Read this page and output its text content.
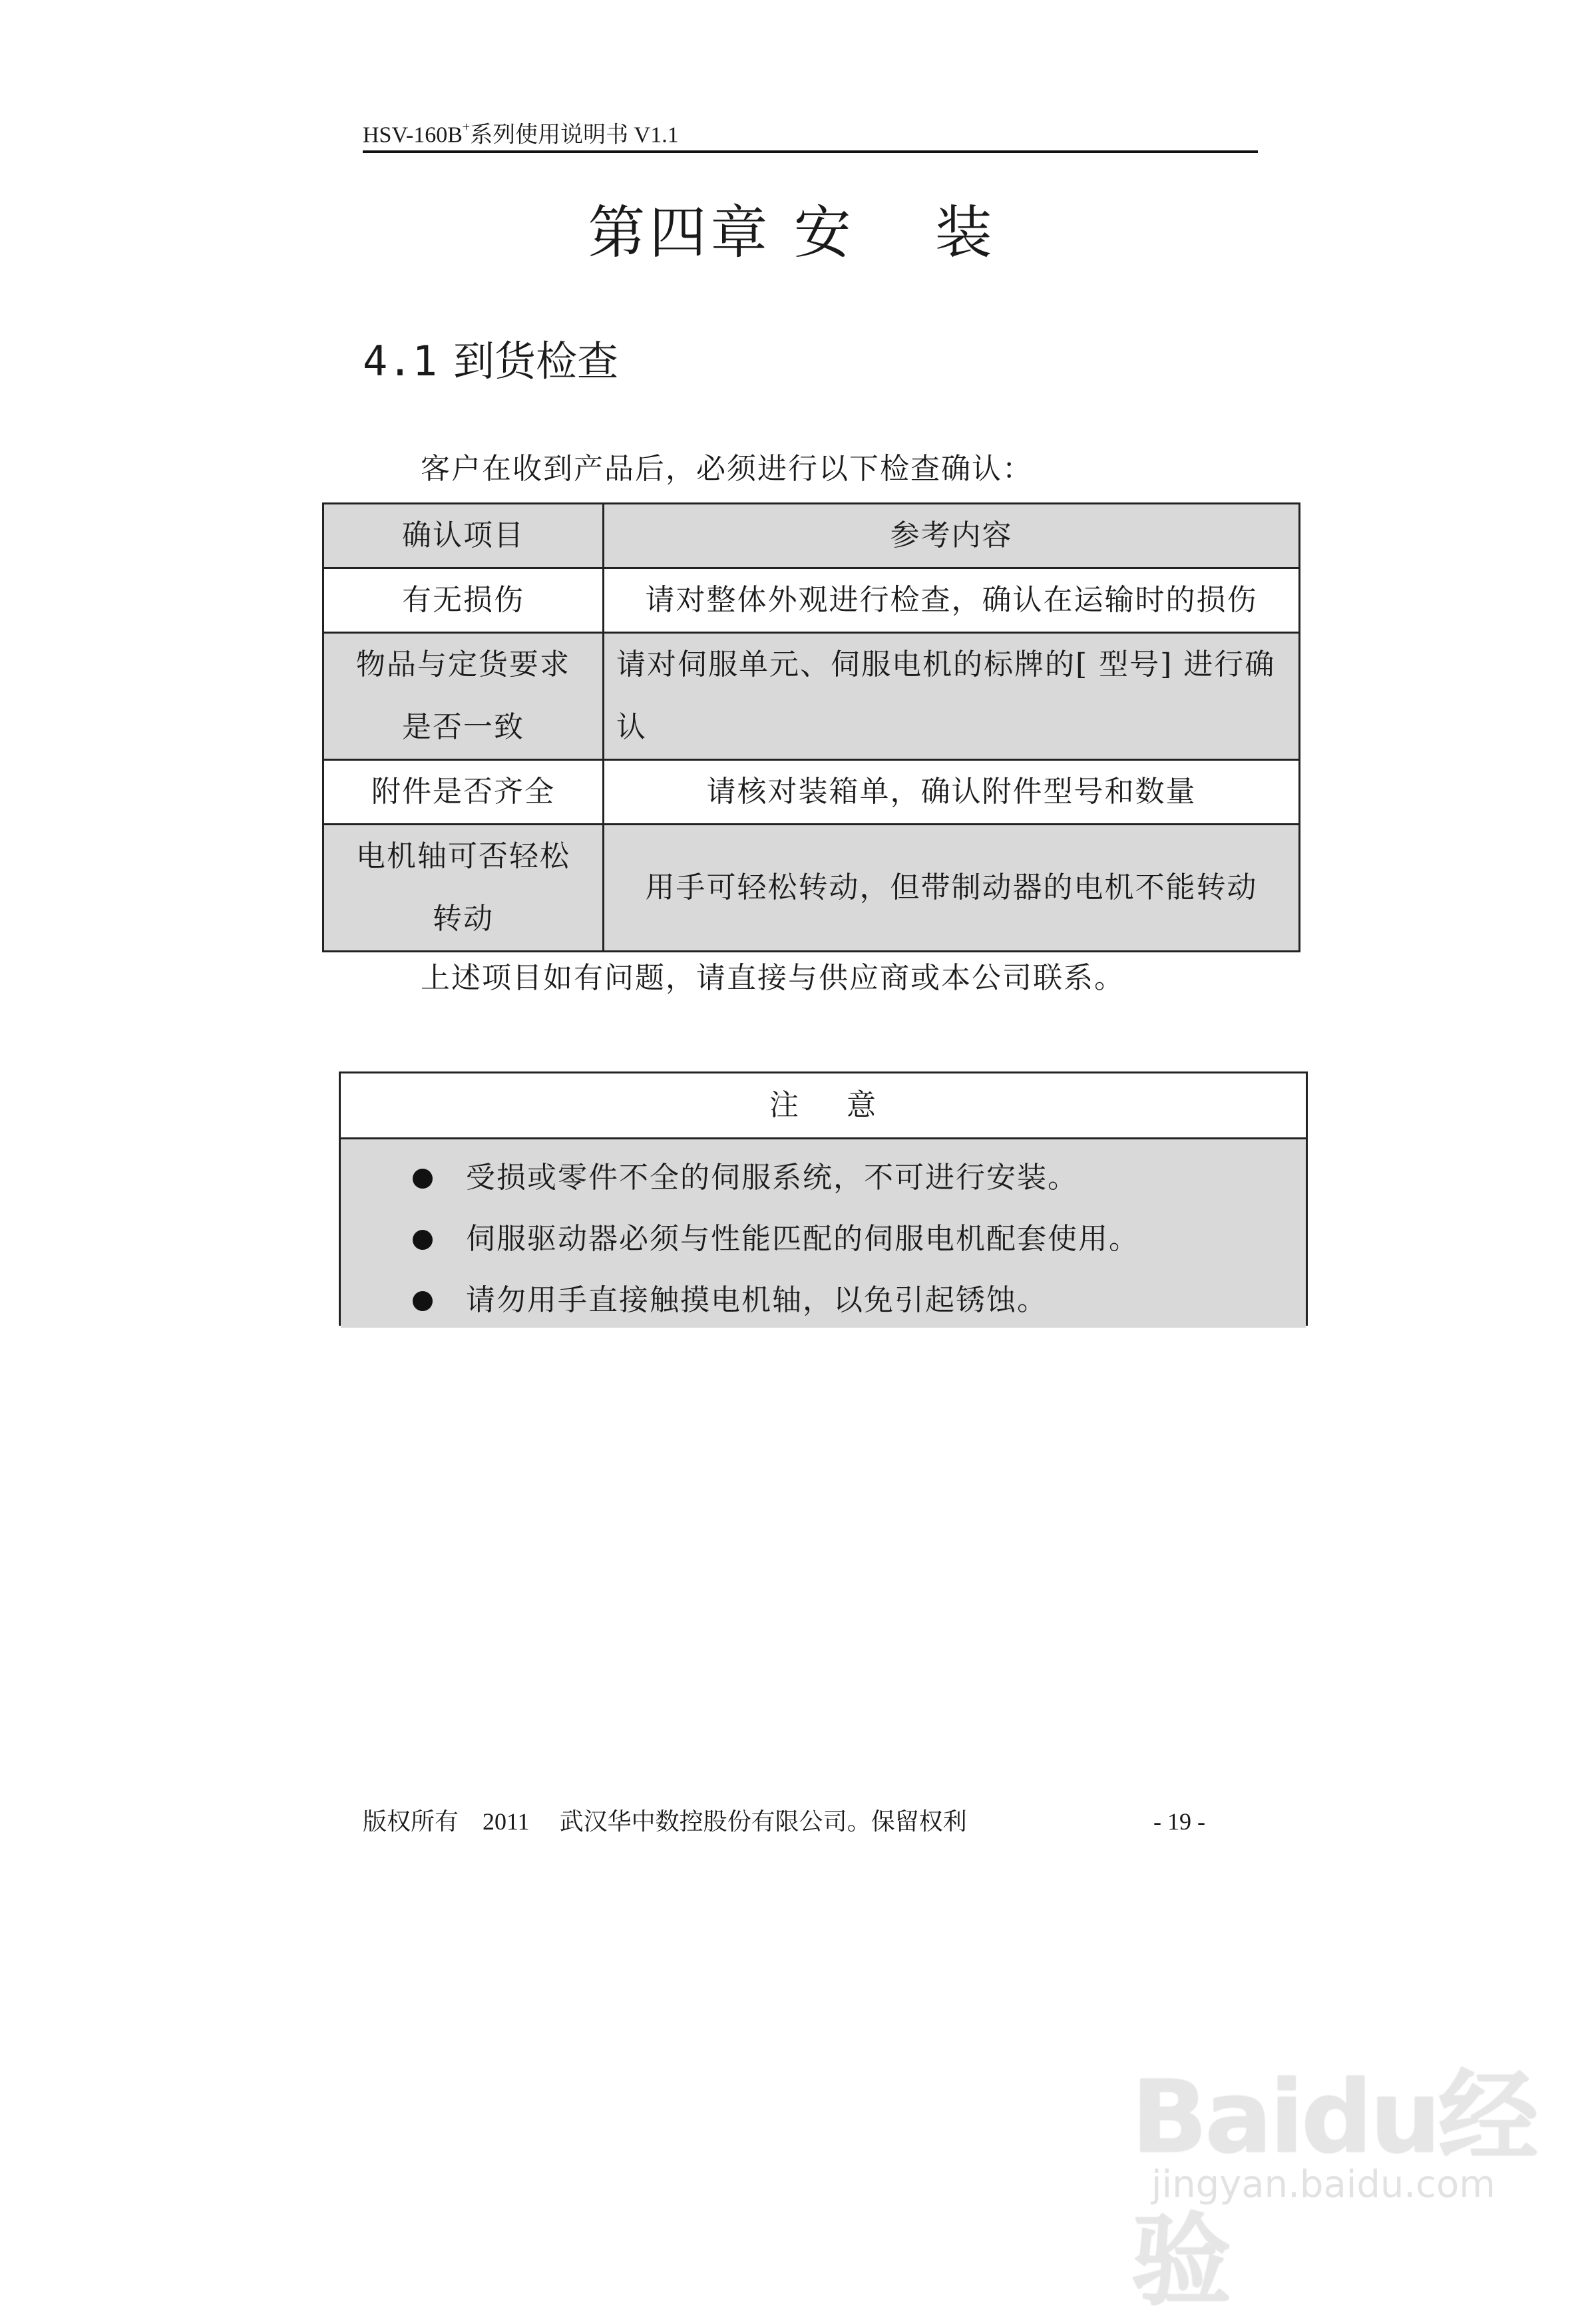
HSV-160B+系列使用说明书 V1.1
第四章 安 装
4.1 到货检查
客户在收到产品后，必须进行以下检查确认：
确认项目	参考内容
有无损伤	请对整体外观进行检查，确认在运输时的损伤

物品与定货要求
是否一致	请对伺服单元、伺服电机的标牌的[ 型号] 进行确
认

附件是否齐全	请核对装箱单，确认附件型号和数量

电机轴可否轻松
转动	用手可轻松转动，但带制动器的电机不能转动
上述项目如有问题，请直接与供应商或本公司联系。
注 意
受损或零件不全的伺服系统，不可进行安装。
伺服驱动器必须与性能匹配的伺服电机配套使用。
请勿用手直接触摸电机轴，以免引起锈蚀。
版权所有    2011     武汉华中数控股份有限公司。保留权利	- 19 -
Baidu经验
jingyan.baidu.com
